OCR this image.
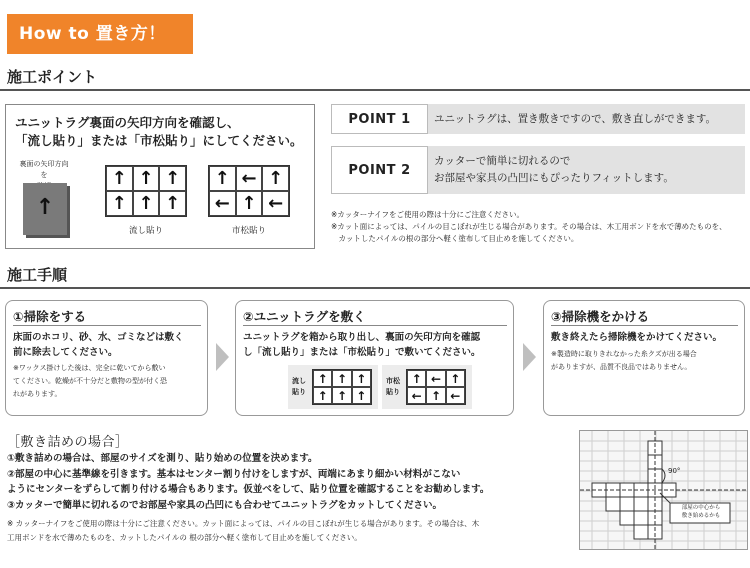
How to 置き方！
施工ポイント
ユニットラグ裏面の矢印方向を確認し、
「流し貼り」または「市松貼り」にしてください。
裏面の矢印方向を
↑
↑ ↑ ↑
↑ ↑ ↑
流し貼り
↑ ← ↑
← ↑ ←
市松貼り
POINT 1	ユニットラグは、置き敷きですので、敷き直しができます。
POINT 2
カッターで簡単に切れるので
お部屋や家具の凸凹にもぴったりフィットします。
※カッターナイフをご使用の際は十分にご注意ください。
※カット面によっては、パイルの目こぼれが生じる場合があります。その場合は、木工用ボンドを水で薄めたものを、
　カットしたパイルの根の部分へ軽く塗布して目止めを施してください。
施工手順
①掃除をする
床面のホコリ、砂、水、ゴミなどは敷く
前に除去してください。
※ワックス掛けした後は、完全に乾いてから敷い
てください。乾燥が不十分だと敷物の型が付く恐
れがあります。
②ユニットラグを敷く
ユニットラグを箱から取り出し、裏面の矢印方向を確認
し「流し貼り」または「市松貼り」で敷いてください。
流し
貼り
↑ ↑ ↑
↑ ↑ ↑
市松
貼り
↑ ← ↑
← ↑ ←
③掃除機をかける
敷き終えたら掃除機をかけてください。
※製造時に取りきれなかった糸クズが出る場合
がありますが、品質不良品ではありません。
［敷き詰めの場合］
①敷き詰めの場合は、部屋のサイズを測り、貼り始めの位置を決めます。
②部屋の中心に基準線を引きます。基本はセンター割り付けをしますが、両端にあまり細かい材料がこない
ようにセンターをずらして割り付ける場合もあります。仮並べをして、貼り位置を確認することをお勧めします。
③カッターで簡単に切れるのでお部屋や家具の凸凹にも合わせてユニットラグをカットしてください。
※ カッターナイフをご使用の際は十分にご注意ください。カット面によっては、パイルの目こぼれが生じる場合があります。その場合は、木
工用ボンドを水で薄めたものを、カットしたパイルの 根の部分へ軽く塗布して目止めを施してください。
90°
部屋の中心から
敷き始めるかも
